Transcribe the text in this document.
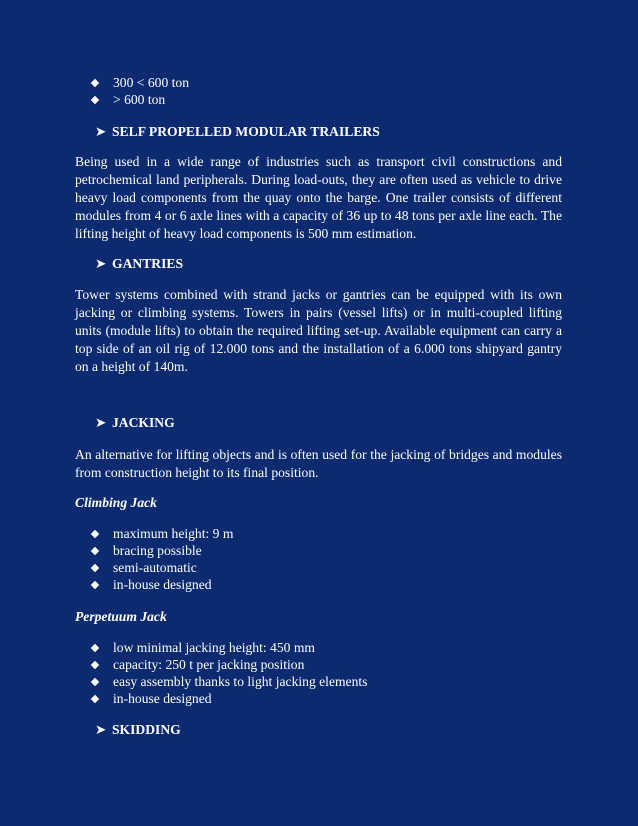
300 < 600 ton
> 600 ton
➤ SELF PROPELLED MODULAR TRAILERS

Being used in a wide range of industries such as transport civil constructions and petrochemical land peripherals. During load-outs, they are often used as vehicle to drive heavy load components from the quay onto the barge. One trailer consists of different modules from 4 or 6 axle lines with a capacity of 36 up to 48 tons per axle line each. The lifting height of heavy load components is 500 mm estimation.

➤ GANTRIES

Tower systems combined with strand jacks or gantries can be equipped with its own jacking or climbing systems. Towers in pairs (vessel lifts) or in multi-coupled lifting units (module lifts) to obtain the required lifting set-up. Available equipment can carry a top side of an oil rig of 12.000 tons and the installation of a 6.000 tons shipyard gantry on a height of 140m.

➤ JACKING

An alternative for lifting objects and is often used for the jacking of bridges and modules from construction height to its final position.

Climbing Jack
maximum height: 9 m
bracing possible
semi-automatic
in-house designed
Perpetuum Jack
low minimal jacking height: 450 mm
capacity: 250 t per jacking position
easy assembly thanks to light jacking elements
in-house designed
➤ SKIDDING
